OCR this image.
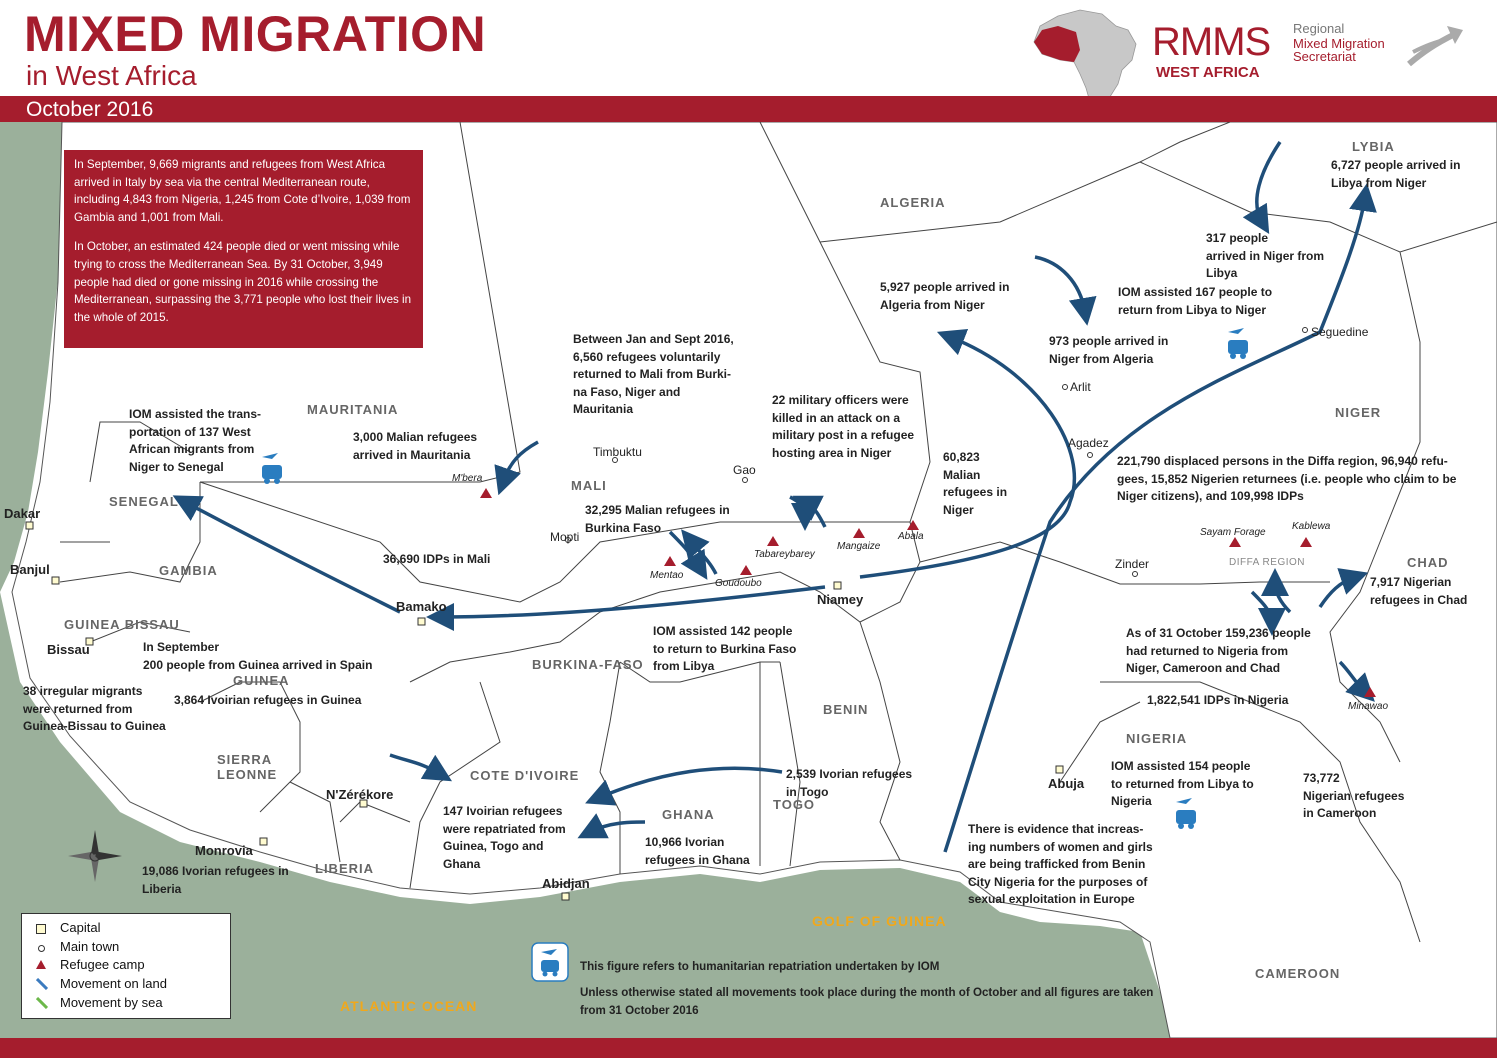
MIXED MIGRATION
in West Africa
RMMS
WEST AFRICA
Regional
Mixed Migration
Secretariat
October 2016

In September, 9,669 migrants and refugees from West Africa arrived in Italy by sea via the central Mediterranean route, including 4,843 from Nigeria, 1,245 from Cote d’Ivoire, 1,039 from Gambia and 1,001 from Mali.

In October, an estimated 424 people died or went missing while trying to cross the Mediterranean Sea. By 31 October, 3,949 people had died or gone missing in 2016 while crossing the Mediterranean, surpassing the 3,771 people who lost their lives in the whole of 2015.

ALGERIA
LYBIA
MAURITANIA
MALI
NIGER
CHAD
SENEGAL
GAMBIA
GUINEA BISSAU
GUINEA
SIERRA
LEONNE
LIBERIA
COTE D'IVOIRE
BURKINA-FASO
GHANA
TOGO
BENIN
NIGERIA
CAMEROON
ATLANTIC OCEAN
GOLF OF GUINEA
Dakar
Banjul
Bissau
Bamako	Niamey
Monrovia
N'Zérékore
Abidjan
Abuja
Timbuktu
Gao
Mopti
Agadez
Arlit
Seguedine
Zinder
M'bera
Mentao
Goudoubo
Tabareybarey
Mangaize
Abala	Sayam Forage
Kablewa
Minawao
DIFFA REGION
6,727 people arrived in
Libya from Niger
317 people
arrived in Niger from
Libya
IOM assisted 167 people to
return from Libya to Niger
5,927 people arrived in
Algeria from Niger
973 people arrived in
Niger from Algeria
Between Jan and Sept 2016,
6,560 refugees voluntarily
returned to Mali from Burki-
na Faso, Niger and
Mauritania
22 military officers were
killed in an attack on a
military post in a refugee
hosting area in Niger
IOM assisted the trans-
portation of 137 West
African migrants from
Niger to Senegal
3,000 Malian refugees
arrived in Mauritania	60,823
Malian
refugees in
Niger
32,295 Malian refugees in
Burkina Faso
36,690 IDPs in Mali
221,790 displaced persons in the Diffa region, 96,940 refu-
gees, 15,852 Nigerien returnees (i.e. people who claim to be
Niger citizens), and 109,998 IDPs
7,917 Nigerian
refugees in Chad
IOM assisted 142 people
to return to Burkina Faso
from Libya
As of 31 October 159,236 people
had returned to Nigeria from
Niger, Cameroon and Chad
1,822,541 IDPs in Nigeria
In September
200 people from Guinea arrived in Spain
3,864 Ivoirian refugees in Guinea
38 irregular migrants
were returned from
Guinea-Bissau to Guinea
2,539 Ivorian refugees
in Togo
147 Ivoirian refugees
were repatriated from
Guinea, Togo and
Ghana
10,966 Ivorian
refugees in Ghana
19,086 Ivorian refugees in
Liberia
IOM assisted 154 people
to returned from Libya to
Nigeria
73,772
Nigerian refugees
in Cameroon
There is evidence that increas-
ing numbers of women and girls
are being trafficked from Benin
City Nigeria for the purposes of
sexual exploitation in Europe
Capital
Main town
Refugee camp
Movement on land
Movement by sea
This figure refers to humanitarian repatriation undertaken by IOM
Unless otherwise stated all movements took place during the month of October and all figures are taken from 31 October 2016
